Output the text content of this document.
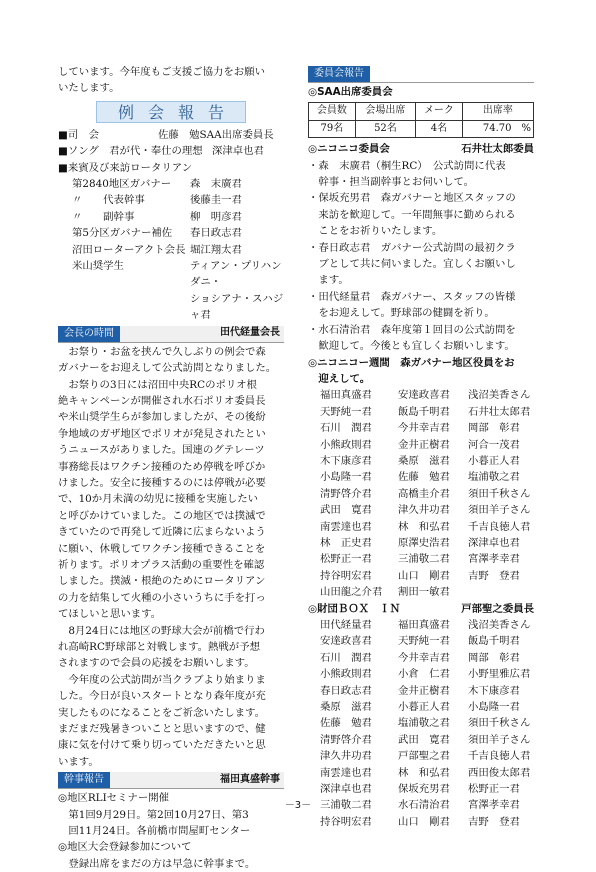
しています。今年度もご支援ご協力をお願い

いたします。

例会報告
■司　会	佐藤　勉SAA出席委員長
■ソング　君が代・奉仕の理想 深津卓也君

■来賓及び来訪ロータリアン

第2840地区ガバナー	森　末廣君
〃　　代表幹事	後藤圭一君
〃　　副幹事	柳　明彦君
第5分区ガバナー補佐	春日政志君
沼田ローターアクト会長 堀江翔太君
米山奨学生	ティアン・プリハンダニ・
ショシアナ・スハジャ君
会長の時間	田代経量会長

お祭り・お盆を挟んで久しぶりの例会で森

ガバナーをお迎えして公式訪問となりました。

お祭りの3日には沼田中央RCのポリオ根

絶キャンペーンが開催され水石ポリオ委員長

や米山奨学生らが参加しましたが、その後紛

争地域のガザ地区でポリオが発見されたとい

うニュースがありました。国連のグテレーツ

事務総長はワクチン接種のため停戦を呼びか

けました。安全に接種するのには停戦が必要

で、10か月未満の幼児に接種を実施したい

と呼びかけていました。この地区では撲滅で

きていたので再発して近隣に広まらないよう

に願い、休戦してワクチン接種できることを

祈ります。ポリオプラス活動の重要性を確認

しました。撲滅・根絶のためにロータリアン

の力を結集して火種の小さいうちに手を打っ

てほしいと思います。

8月24日には地区の野球大会が前橋で行わ

れ高崎RC野球部と対戦します。熱戦が予想

されますので会員の応援をお願いします。

今年度の公式訪問が当クラブより始まりま

した。今日が良いスタートとなり森年度が充

実したものになることをご祈念いたします。

まだまだ残暑きついことと思いますので、健

康に気を付けて乗り切っていただきたいと思

います。

幹事報告	福田真盛幹事

◎地区RLIセミナー開催

第1回9月29日。第2回10月27日、第3

回11月24日。各前橋市問屋町センター

◎地区大会登録参加について

登録出席をまだの方は早急に幹事まで。

委員会報告

◎SAA出席委員会

会員数	会場出席	メーク	出席率
79名	52名	4名	74.70　%
◎ニコニコ委員会	石井壮太郎委員

・森　末廣君（桐生RC）　公式訪問に代表

　幹事・担当副幹事とお伺いして。

・保坂充男君　森ガバナーと地区スタッフの

　来訪を歓迎して。一年間無事に勤められる

　ことをお祈りいたします。

・春日政志君　ガバナー公式訪問の最初クラ

　ブとして共に伺いました。宜しくお願いし

　ます。

・田代経量君　森ガバナー、スタッフの皆様

　をお迎えして。野球部の健闘を祈り。

・水石清治君　森年度第１回目の公式訪問を

　歓迎して。今後とも宜しくお願いします。

◎ニコニコー週間　森ガバナー地区役員をお

迎えして。

福田真盛君	安達政喜君	浅沼美香さん
天野純一君	飯島千明君	石井壮太郎君
石川　潤君	今井幸吉君	岡部　彰君
小熊政則君	金井正樹君	河合一茂君
木下康彦君	桑原　滋君	小暮正人君
小島隆一君	佐藤　勉君	塩浦敬之君
清野啓介君	高橋圭介君	須田千秋さん
武田　寛君	津久井功君	須田羊子さん
南雲達也君	林　和弘君	千吉良徳人君
林　正史君	原澤史浩君	深津卓也君
松野正一君	三浦敬二君	宮澤孝幸君
持谷明宏君	山口　剛君	吉野　登君
山田龍之介君	割田一敏君
◎財団ＢＯＸ　ＩＮ	戸部聖之委員長
田代経量君	福田真盛君	浅沼美香さん
安達政喜君	天野純一君	飯島千明君
石川　潤君	今井幸吉君	岡部　彰君
小熊政則君	小倉　仁君	小野里雅広君
春日政志君	金井正樹君	木下康彦君
桑原　滋君	小暮正人君	小島隆一君
佐藤　勉君	塩浦敬之君	須田千秋さん
清野啓介君	武田　寛君	須田羊子さん
津久井功君	戸部聖之君	千吉良徳人君
南雲達也君	林　和弘君	西田俊太郎君
深津卓也君	保坂充男君	松野正一君
三浦敬二君	水石清治君	宮澤孝幸君
持谷明宏君	山口　剛君	吉野　登君
－3－
